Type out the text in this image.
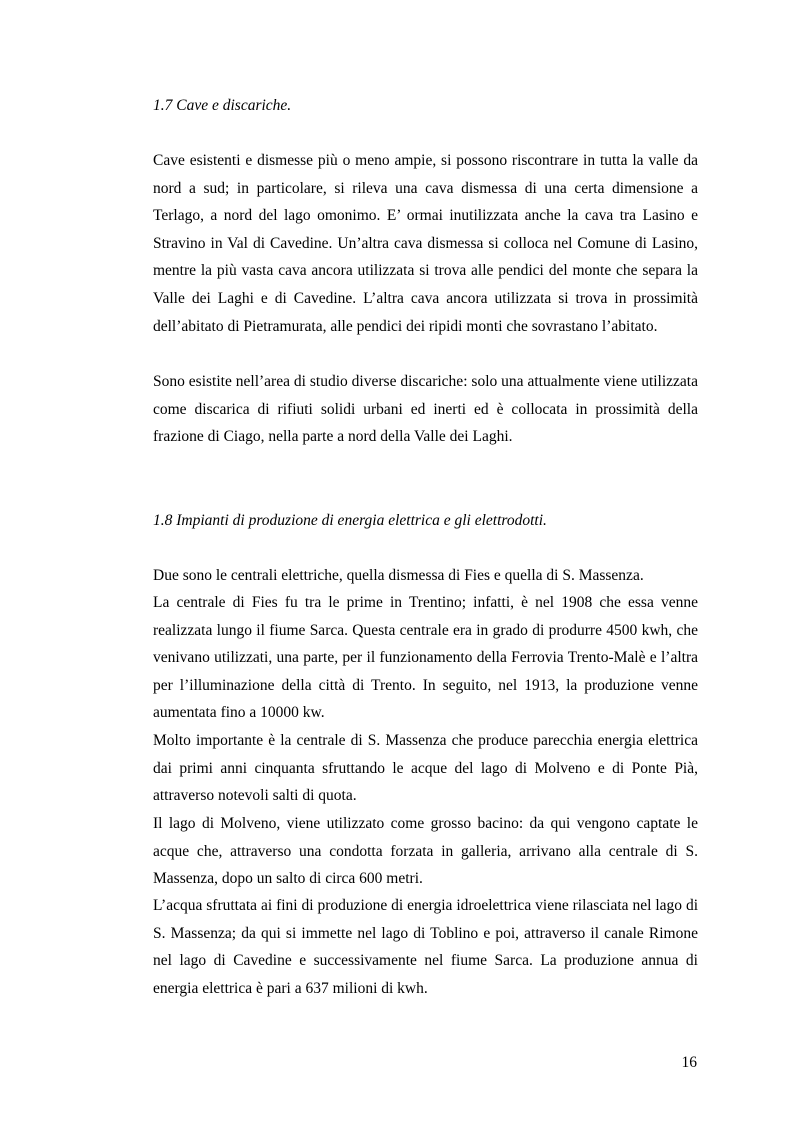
1.7 Cave e discariche.

Cave esistenti e dismesse più o meno ampie, si possono riscontrare in tutta la valle da nord a sud; in particolare, si rileva una cava dismessa di una certa dimensione a Terlago, a nord del lago omonimo. E’ ormai inutilizzata anche la cava tra Lasino e Stravino in Val di Cavedine. Un’altra cava dismessa si colloca nel Comune di Lasino, mentre la più vasta cava ancora utilizzata si trova alle pendici del monte che separa la Valle dei Laghi e di Cavedine. L’altra cava ancora utilizzata si trova in prossimità dell’abitato di Pietramurata, alle pendici dei ripidi monti che sovrastano l’abitato.

Sono esistite nell’area di studio diverse discariche: solo una attualmente viene utilizzata come discarica di rifiuti solidi urbani ed inerti ed è collocata in prossimità della frazione di Ciago, nella parte a nord della Valle dei Laghi.

1.8 Impianti di produzione di energia elettrica e gli elettrodotti.

Due sono le centrali elettriche, quella dismessa di Fies e quella di S. Massenza.

La centrale di Fies fu tra le prime in Trentino; infatti, è nel 1908 che essa venne realizzata lungo il fiume Sarca. Questa centrale era in grado di produrre 4500 kwh, che venivano utilizzati, una parte, per il funzionamento della Ferrovia Trento-Malè e l’altra per l’illuminazione della città di Trento. In seguito, nel 1913, la produzione venne aumentata fino a 10000 kw.

Molto importante è la centrale di S. Massenza che produce parecchia energia elettrica dai primi anni cinquanta sfruttando le acque del lago di Molveno e di Ponte Pià, attraverso notevoli salti di quota.

Il lago di Molveno, viene utilizzato come grosso bacino: da qui vengono captate le acque che, attraverso una condotta forzata in galleria, arrivano alla centrale di S. Massenza, dopo un salto di circa 600 metri.

L’acqua sfruttata ai fini di produzione di energia idroelettrica viene rilasciata nel lago di S. Massenza; da qui si immette nel lago di Toblino e poi, attraverso il canale Rimone nel lago di Cavedine e successivamente nel fiume Sarca. La produzione annua di energia elettrica è pari a 637 milioni di kwh.

16
